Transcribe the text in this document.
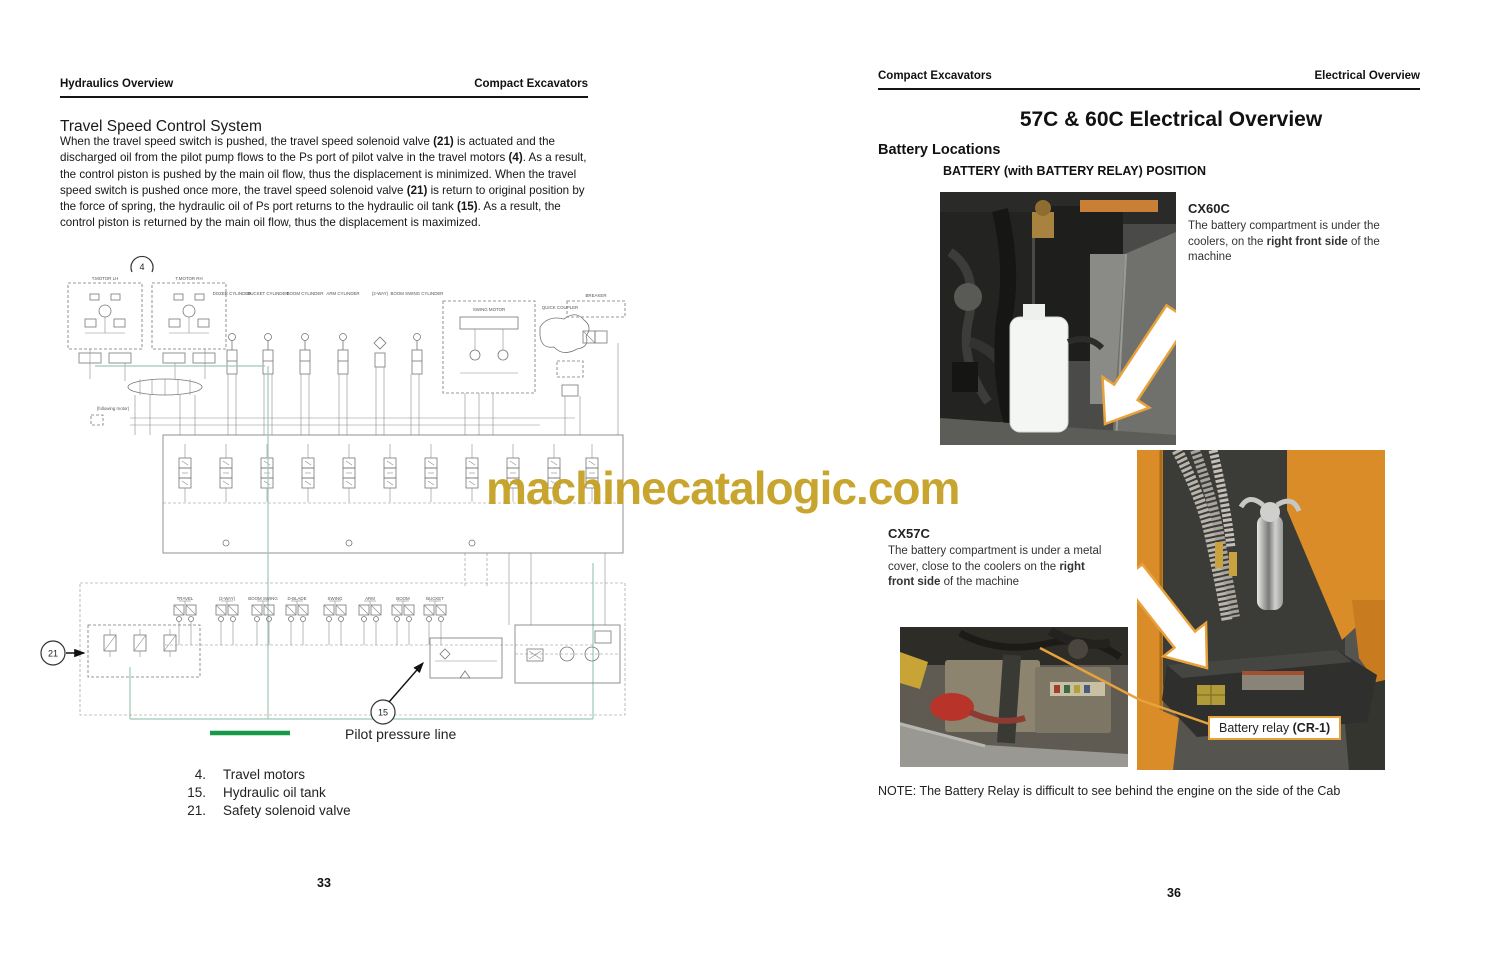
Hydraulics Overview	Compact Excavators
Travel Speed Control System

When the travel speed switch is pushed, the travel speed solenoid valve (21) is actuated and the discharged oil from the pilot pump flows to the Ps port of pilot valve in the travel motors (4). As a result, the control piston is pushed by the main oil flow, thus the displacement is minimized. When the travel speed switch is pushed once more, the travel speed solenoid valve (21) is return to original position by the force of spring, the hydraulic oil of Ps port returns to the hydraulic oil tank (15). As a result, the control piston is returned by the main oil flow, thus the displacement is maximized.

4
T.MOTOR LH	T.MOTOR RH
DOZER CYLINDER
BUCKET CYLINDER
BOOM CYLINDER ARM CYLINDER	(2-WAY) BOOM SWING CYLINDER
SWING MOTOR	QUICK COUPLER
BREAKER
(following motor)
TRAVEL	(2-WAY)	BOOM SWING D-BLADE	SWING	ARM	BOOM	BUCKET
21
15
Pilot pressure line
4. Travel motors
15. Hydraulic oil tank
21. Safety solenoid valve
33
machinecatalogic.com
Compact Excavators	Electrical Overview
57C & 60C Electrical Overview
Battery Locations
BATTERY (with BATTERY RELAY) POSITION
CX60C
The battery compartment is under the coolers, on the right front side of the machine
CX57C
The battery compartment is under a metal cover, close to the coolers on the right front side of the machine
Battery relay (CR-1)
NOTE: The Battery Relay is difficult to see behind the engine on the side of the Cab
36
